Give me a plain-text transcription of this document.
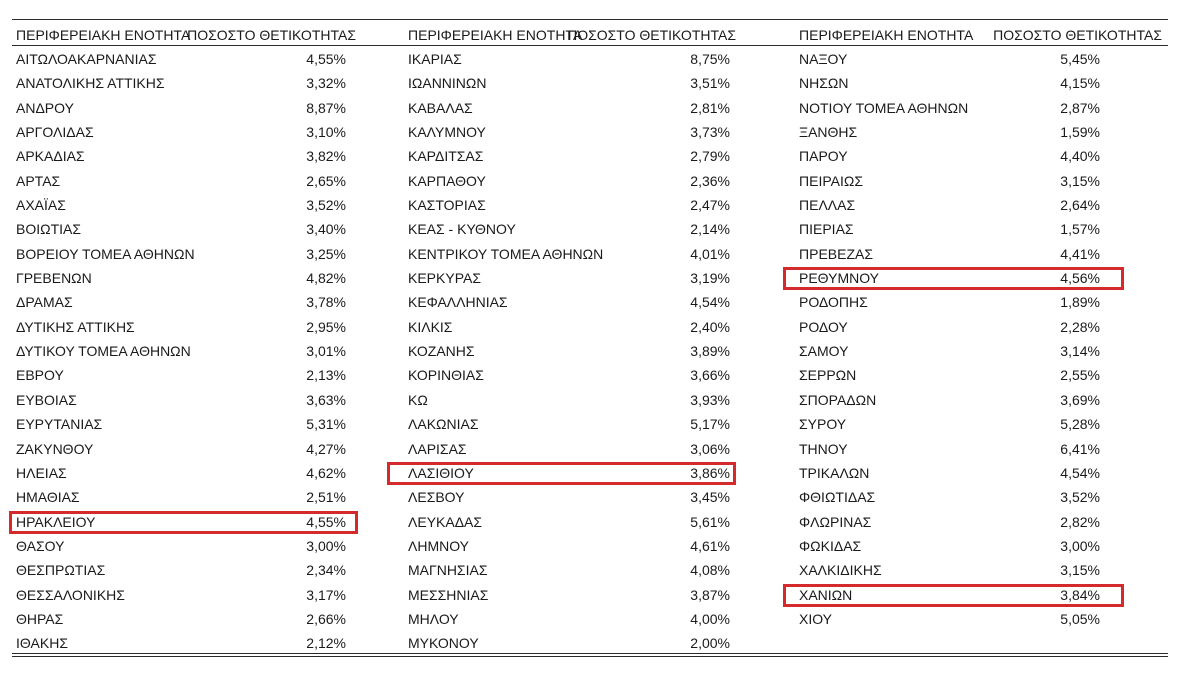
ΠΕΡΙΦΕΡΕΙΑΚΗ ΕΝΟΤΗΤΑ
ΠΟΣΟΣΤΟ ΘΕΤΙΚΟΤΗΤΑΣ
ΑΙΤΩΛΟΑΚΑΡΝΑΝΙΑΣ	4,55%
ΑΝΑΤΟΛΙΚΗΣ ΑΤΤΙΚΗΣ	3,32%
ΑΝΔΡΟΥ	8,87%
ΑΡΓΟΛΙΔΑΣ	3,10%
ΑΡΚΑΔΙΑΣ	3,82%
ΑΡΤΑΣ	2,65%
ΑΧΑΪΑΣ	3,52%
ΒΟΙΩΤΙΑΣ	3,40%
ΒΟΡΕΙΟΥ ΤΟΜΕΑ ΑΘΗΝΩΝ	3,25%
ΓΡΕΒΕΝΩΝ	4,82%
ΔΡΑΜΑΣ	3,78%
ΔΥΤΙΚΗΣ ΑΤΤΙΚΗΣ	2,95%
ΔΥΤΙΚΟΥ ΤΟΜΕΑ ΑΘΗΝΩΝ	3,01%
ΕΒΡΟΥ	2,13%
ΕΥΒΟΙΑΣ	3,63%
ΕΥΡΥΤΑΝΙΑΣ	5,31%
ΖΑΚΥΝΘΟΥ	4,27%
ΗΛΕΙΑΣ	4,62%
ΗΜΑΘΙΑΣ	2,51%
ΗΡΑΚΛΕΙΟΥ	4,55%
ΘΑΣΟΥ	3,00%
ΘΕΣΠΡΩΤΙΑΣ	2,34%
ΘΕΣΣΑΛΟΝΙΚΗΣ	3,17%
ΘΗΡΑΣ	2,66%
ΙΘΑΚΗΣ	2,12%
ΠΕΡΙΦΕΡΕΙΑΚΗ ΕΝΟΤΗΤΑ
ΠΟΣΟΣΤΟ ΘΕΤΙΚΟΤΗΤΑΣ
ΙΚΑΡΙΑΣ	8,75%
ΙΩΑΝΝΙΝΩΝ	3,51%
ΚΑΒΑΛΑΣ	2,81%
ΚΑΛΥΜΝΟΥ	3,73%
ΚΑΡΔΙΤΣΑΣ	2,79%
ΚΑΡΠΑΘΟΥ	2,36%
ΚΑΣΤΟΡΙΑΣ	2,47%
ΚΕΑΣ - ΚΥΘΝΟΥ	2,14%
ΚΕΝΤΡΙΚΟΥ ΤΟΜΕΑ ΑΘΗΝΩΝ	4,01%
ΚΕΡΚΥΡΑΣ	3,19%
ΚΕΦΑΛΛΗΝΙΑΣ	4,54%
ΚΙΛΚΙΣ	2,40%
ΚΟΖΑΝΗΣ	3,89%
ΚΟΡΙΝΘΙΑΣ	3,66%
ΚΩ	3,93%
ΛΑΚΩΝΙΑΣ	5,17%
ΛΑΡΙΣΑΣ	3,06%
ΛΑΣΙΘΙΟΥ	3,86%
ΛΕΣΒΟΥ	3,45%
ΛΕΥΚΑΔΑΣ	5,61%
ΛΗΜΝΟΥ	4,61%
ΜΑΓΝΗΣΙΑΣ	4,08%
ΜΕΣΣΗΝΙΑΣ	3,87%
ΜΗΛΟΥ	4,00%
ΜΥΚΟΝΟΥ	2,00%
ΠΕΡΙΦΕΡΕΙΑΚΗ ΕΝΟΤΗΤΑ ΠΟΣΟΣΤΟ ΘΕΤΙΚΟΤΗΤΑΣ
ΝΑΞΟΥ	5,45%
ΝΗΣΩΝ	4,15%
ΝΟΤΙΟΥ ΤΟΜΕΑ ΑΘΗΝΩΝ	2,87%
ΞΑΝΘΗΣ	1,59%
ΠΑΡΟΥ	4,40%
ΠΕΙΡΑΙΩΣ	3,15%
ΠΕΛΛΑΣ	2,64%
ΠΙΕΡΙΑΣ	1,57%
ΠΡΕΒΕΖΑΣ	4,41%
ΡΕΘΥΜΝΟΥ	4,56%
ΡΟΔΟΠΗΣ	1,89%
ΡΟΔΟΥ	2,28%
ΣΑΜΟΥ	3,14%
ΣΕΡΡΩΝ	2,55%
ΣΠΟΡΑΔΩΝ	3,69%
ΣΥΡΟΥ	5,28%
ΤΗΝΟΥ	6,41%
ΤΡΙΚΑΛΩΝ	4,54%
ΦΘΙΩΤΙΔΑΣ	3,52%
ΦΛΩΡΙΝΑΣ	2,82%
ΦΩΚΙΔΑΣ	3,00%
ΧΑΛΚΙΔΙΚΗΣ	3,15%
ΧΑΝΙΩΝ	3,84%
ΧΙΟΥ	5,05%
